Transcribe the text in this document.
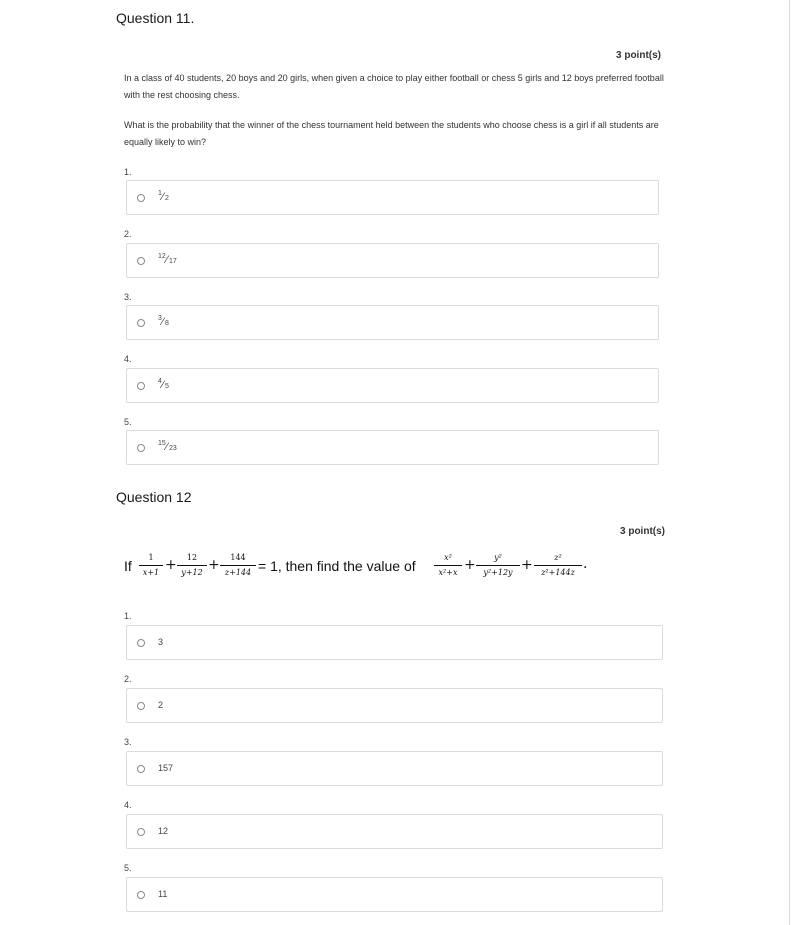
Question 11.
3 point(s)

In a class of 40 students, 20 boys and 20 girls, when given a choice to play either football or chess 5 girls and 12 boys preferred football with the rest choosing chess.

What is the probability that the winner of the chess tournament held between the students who choose chess is a girl if all students are equally likely to win?

1.
1 ⁄ 2
2.
12 ⁄ 17
3.
3 ⁄ 8
4.
4 ⁄ 5
5.
15 ⁄ 23
Question 12
3 point(s)
If
1
x+1 +	12
y+12 +	144
z+144 = 1, then find the value of
x²
x²+x +	y²
y²+12y +	z²
z²+144z
.
1.
3
2.
2
3.
157
4.
12
5.
11
